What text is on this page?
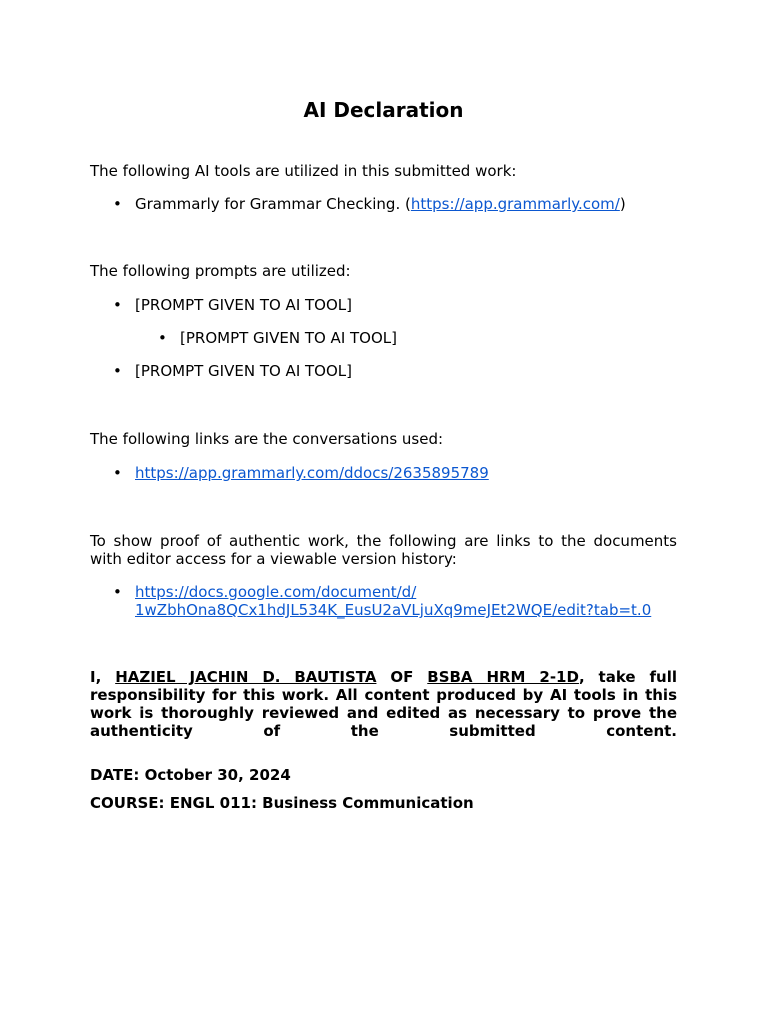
AI Declaration

The following AI tools are utilized in this submitted work:

• Grammarly for Grammar Checking. (https://app.grammarly.com/)

The following prompts are utilized:

• [PROMPT GIVEN TO AI TOOL]
• [PROMPT GIVEN TO AI TOOL]
• [PROMPT GIVEN TO AI TOOL]

The following links are the conversations used:

• https://app.grammarly.com/ddocs/2635895789

To show proof of authentic work, the following are links to the documents with editor access for a viewable version history:

• https://docs.google.com/document/d/
1wZbhOna8QCx1hdJL534K_EusU2aVLjuXq9meJEt2WQE/edit?tab=t.0
I, HAZIEL JACHIN D. BAUTISTA OF BSBA HRM 2-1D, take full
responsibility for this work. All content produced by AI tools in this
work is thoroughly reviewed and edited as necessary to prove the
authenticity of the submitted content.

DATE: October 30, 2024

COURSE: ENGL 011: Business Communication
